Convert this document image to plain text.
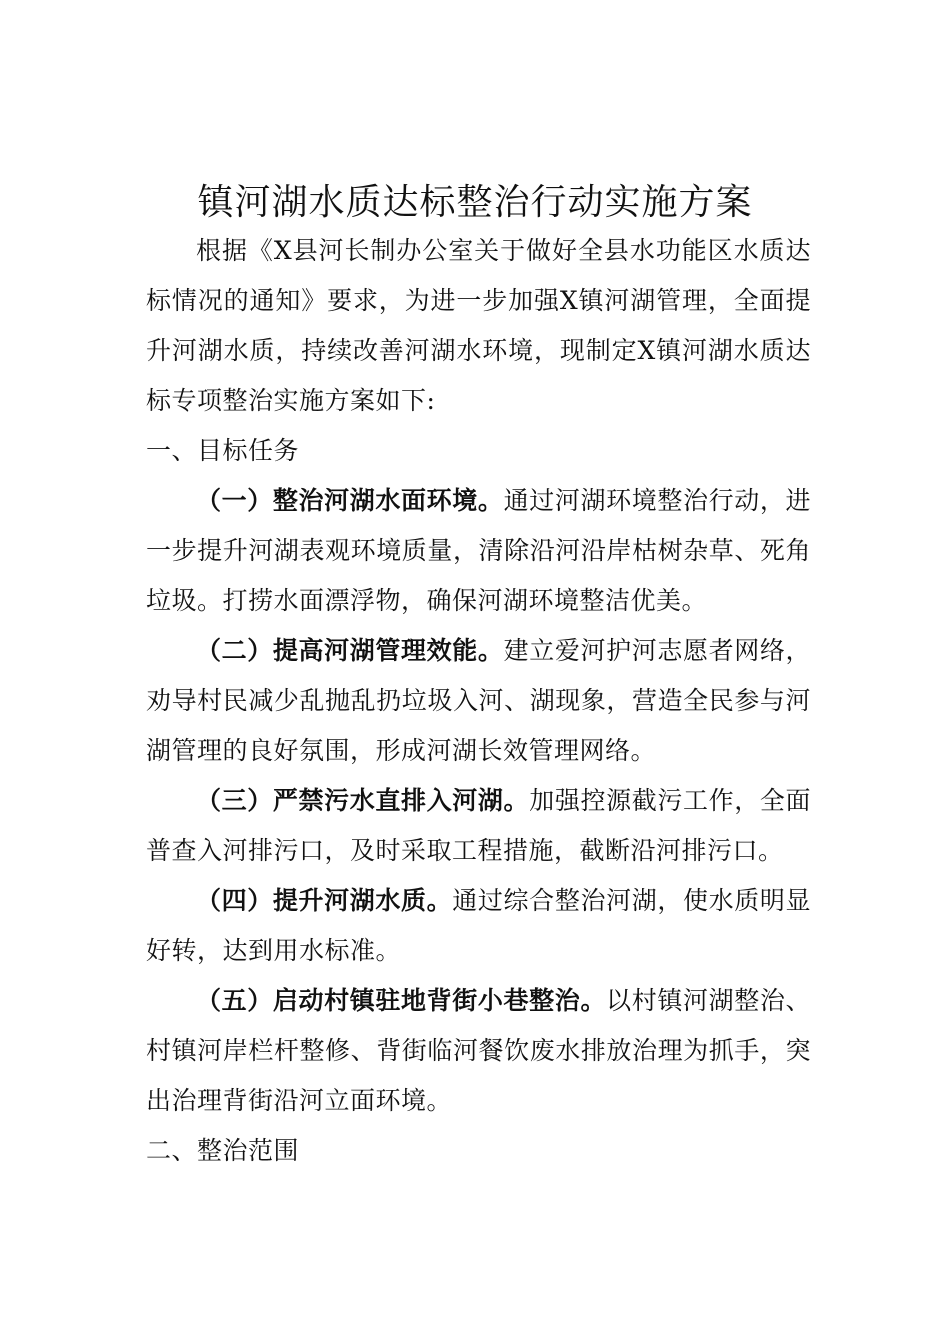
镇河湖水质达标整治行动实施方案

根据《X县河长制办公室关于做好全县水功能区水质达标情况的通知》要求，为进一步加强X镇河湖管理，全面提升河湖水质，持续改善河湖水环境，现制定X镇河湖水质达标专项整治实施方案如下:

一、目标任务

（一）整治河湖水面环境。通过河湖环境整治行动，进一步提升河湖表观环境质量，清除沿河沿岸枯树杂草、死角垃圾。打捞水面漂浮物，确保河湖环境整洁优美。

（二）提高河湖管理效能。建立爱河护河志愿者网络，劝导村民减少乱抛乱扔垃圾入河、湖现象，营造全民参与河湖管理的良好氛围，形成河湖长效管理网络。

（三）严禁污水直排入河湖。加强控源截污工作，全面普查入河排污口，及时采取工程措施，截断沿河排污口。

（四）提升河湖水质。通过综合整治河湖，使水质明显好转，达到用水标准。

（五）启动村镇驻地背街小巷整治。以村镇河湖整治、村镇河岸栏杆整修、背街临河餐饮废水排放治理为抓手，突出治理背街沿河立面环境。

二、整治范围
